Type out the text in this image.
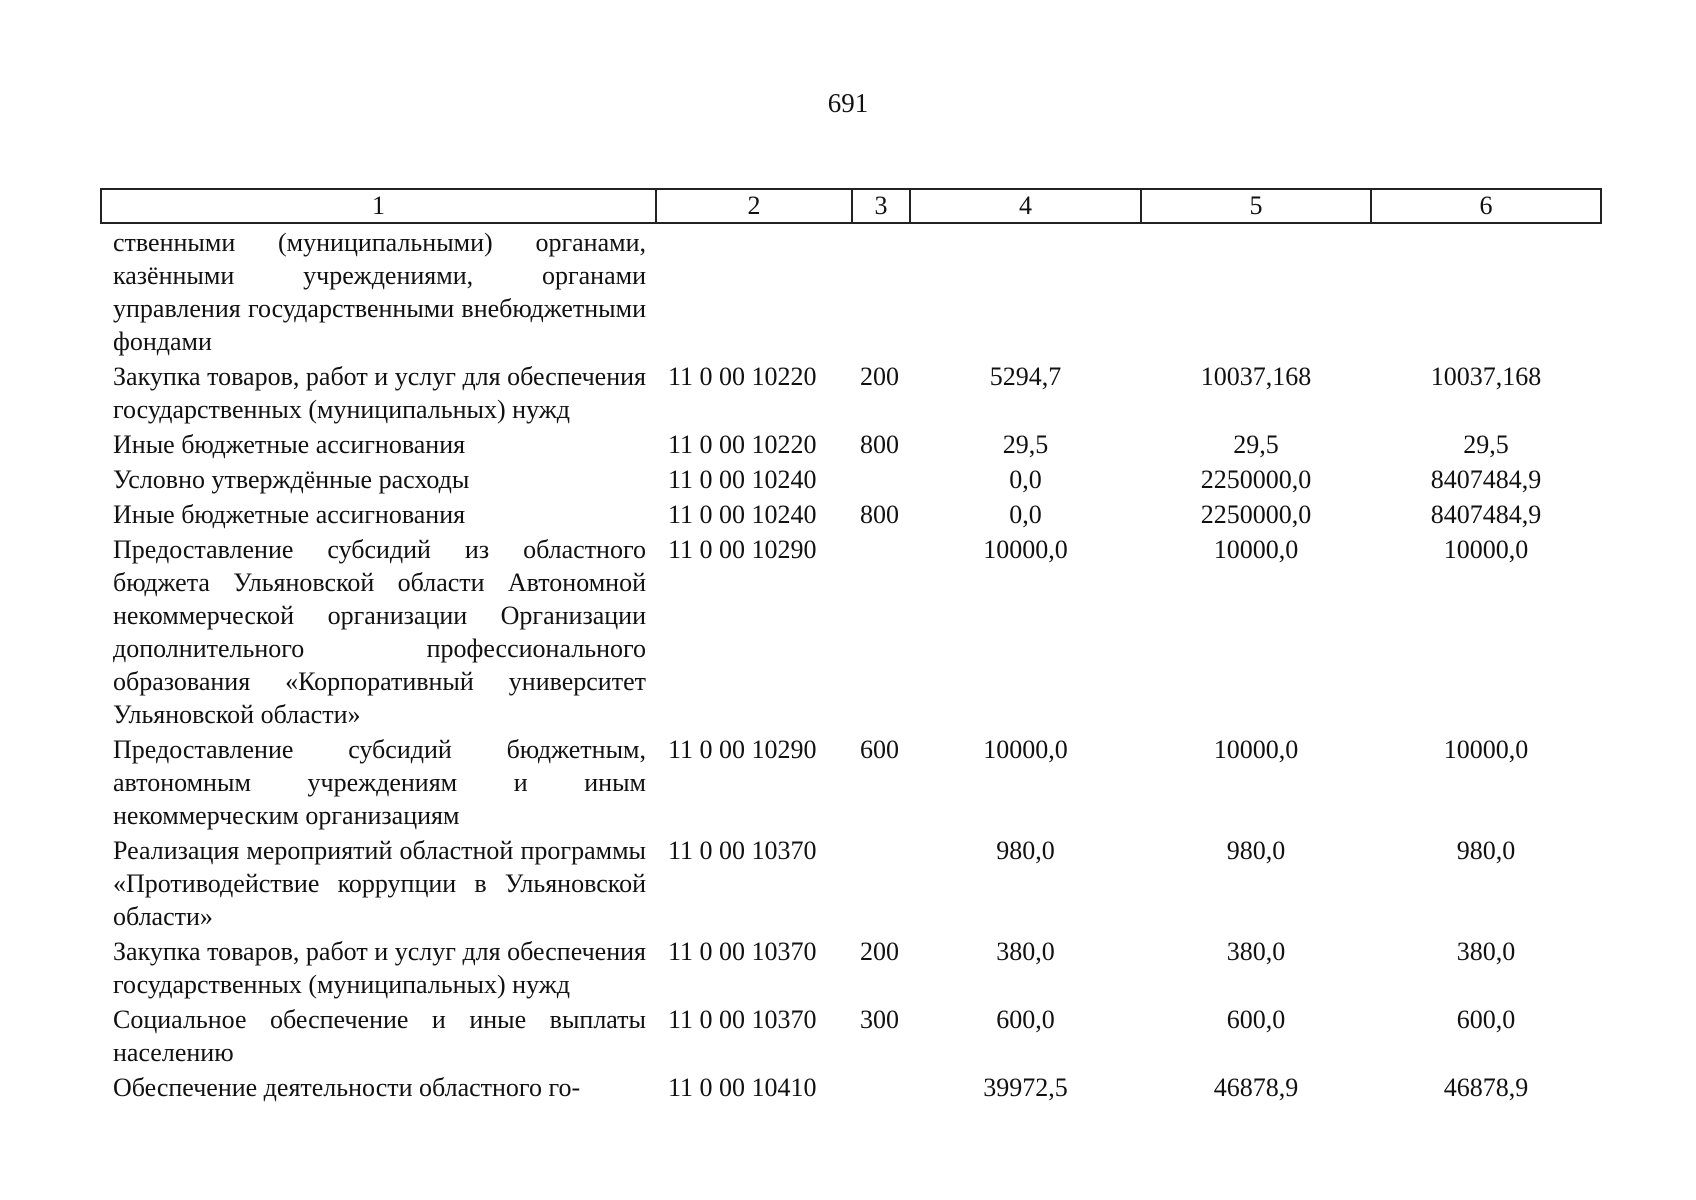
691
1	2	3	4	5	6
ственными (муниципальными) органами, казёнными учреждениями, органами управления государственными внебюджетными фондами					
Закупка товаров, работ и услуг для обеспечения государственных (муниципальных) нужд	11 0 00 10220	200	5294,7	10037,168	10037,168
Иные бюджетные ассигнования	11 0 00 10220	800	29,5	29,5	29,5
Условно утверждённые расходы	11 0 00 10240		0,0	2250000,0	8407484,9
Иные бюджетные ассигнования	11 0 00 10240	800	0,0	2250000,0	8407484,9
Предоставление субсидий из областного бюджета Ульяновской области Автономной некоммерческой организации Организации дополнительного профессионального образования «Корпоративный университет Ульяновской области»	11 0 00 10290		10000,0	10000,0	10000,0
Предоставление субсидий бюджетным, автономным учреждениям и иным некоммерческим организациям	11 0 00 10290	600	10000,0	10000,0	10000,0
Реализация мероприятий областной программы «Противодействие коррупции в Ульяновской области»	11 0 00 10370		980,0	980,0	980,0
Закупка товаров, работ и услуг для обеспечения государственных (муниципальных) нужд	11 0 00 10370	200	380,0	380,0	380,0
Социальное обеспечение и иные выплаты населению	11 0 00 10370	300	600,0	600,0	600,0
Обеспечение деятельности областного го-	11 0 00 10410		39972,5	46878,9	46878,9
